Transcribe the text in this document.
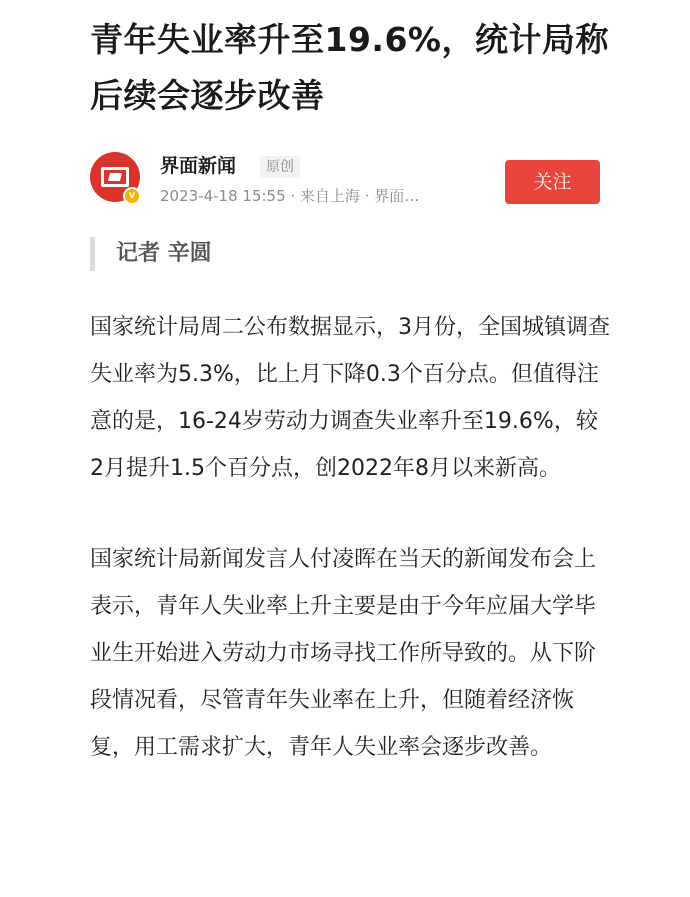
青年失业率升至19.6%，统计局称后续会逐步改善
v
界面新闻	原创
2023-4-18 15:55 · 来自上海 · 界面…
关注
记者 辛圆

国家统计局周二公布数据显示，3月份，全国城镇调查失业率为5.3%，比上月下降0.3个百分点。但值得注意的是，16-24岁劳动力调查失业率升至19.6%，较2月提升1.5个百分点，创2022年8月以来新高。

国家统计局新闻发言人付凌晖在当天的新闻发布会上表示，青年人失业率上升主要是由于今年应届大学毕业生开始进入劳动力市场寻找工作所导致的。从下阶段情况看，尽管青年失业率在上升，但随着经济恢复，用工需求扩大，青年人失业率会逐步改善。
